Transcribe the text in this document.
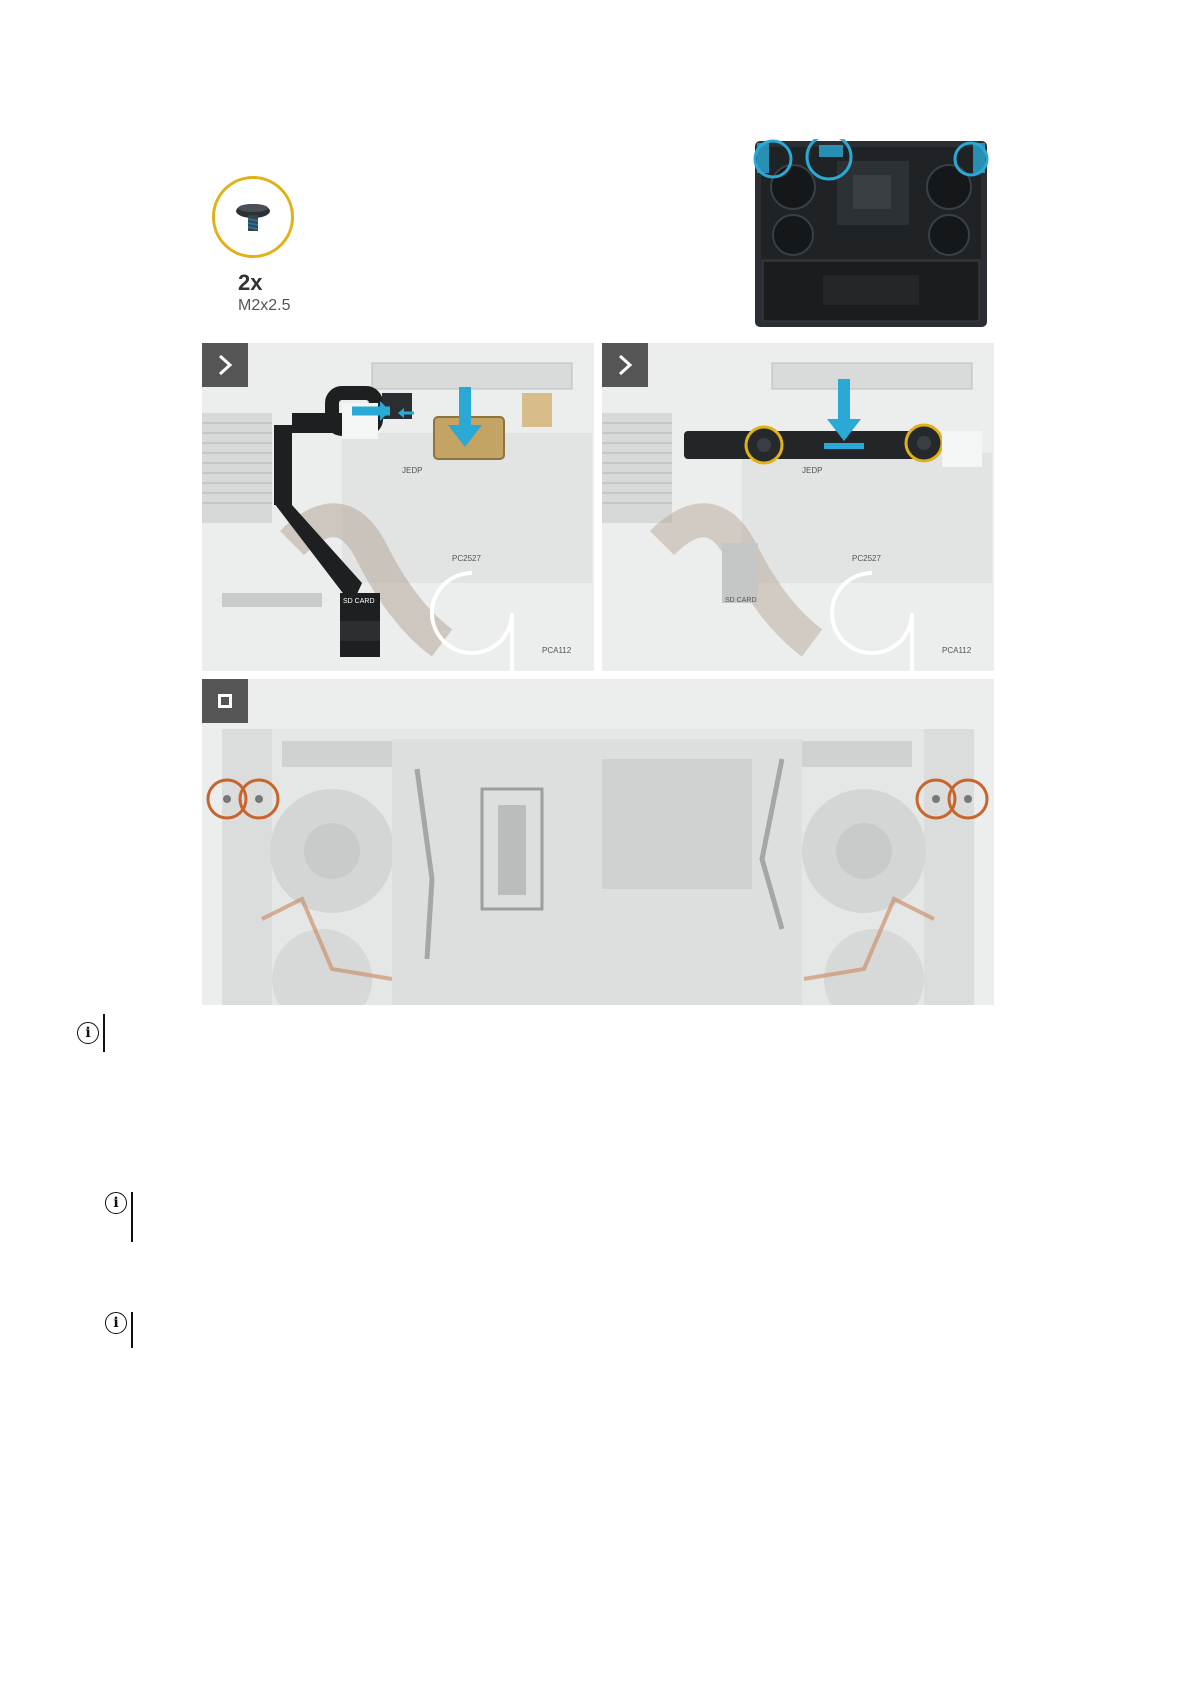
2x
M2x2.5
SD CARD
JEDP
PC2527
PCA112
SD CARD
JEDP
PC2527
PCA112
i
i
i
